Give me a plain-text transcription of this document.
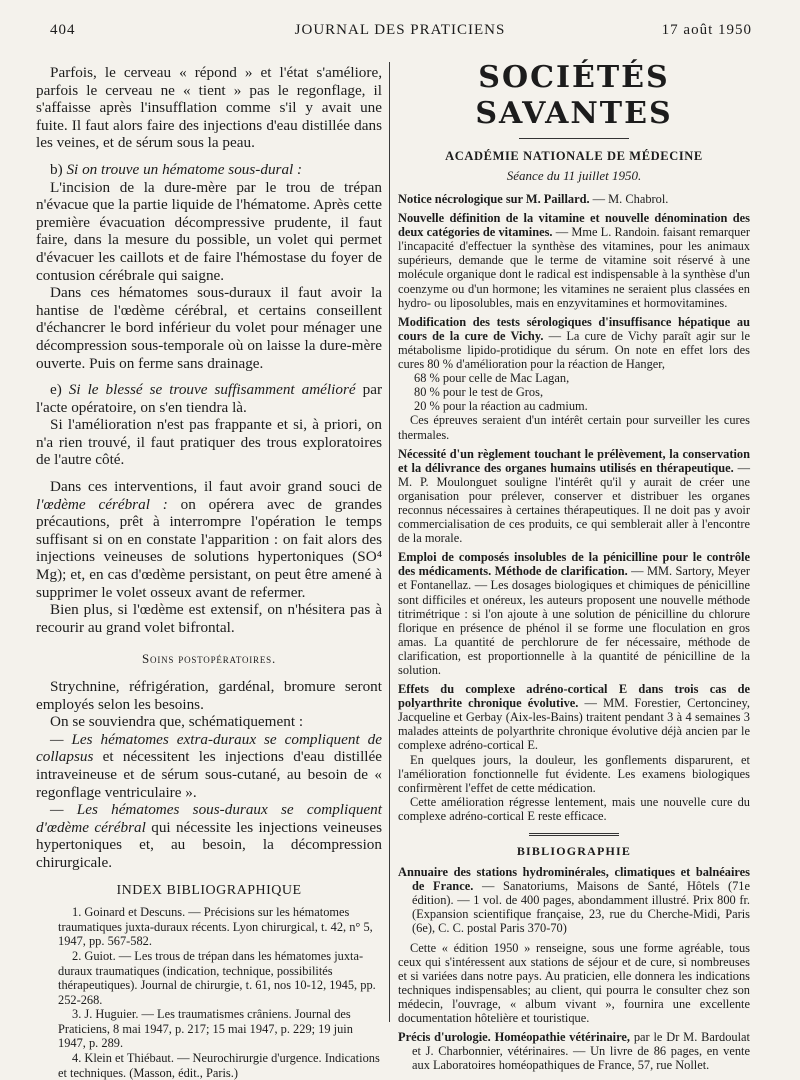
404	JOURNAL DES PRATICIENS	17 août 1950

Parfois, le cerveau « répond » et l'état s'améliore, parfois le cerveau ne « tient » pas le regonflage, il s'affaisse après l'insufflation comme s'il y avait une fuite. Il faut alors faire des injections d'eau distillée dans les veines, et de sérum sous la peau.

b) Si on trouve un hématome sous-dural :

L'incision de la dure-mère par le trou de trépan n'évacue que la partie liquide de l'hématome. Après cette première évacuation décompressive prudente, il faut faire, dans la mesure du possible, un volet qui permet d'évacuer les caillots et de faire l'hémostase du foyer de contusion cérébrale qui saigne.

Dans ces hématomes sous-duraux il faut avoir la hantise de l'œdème cérébral, et certains conseillent d'échancrer le bord inférieur du volet pour ménager une décompression sous-temporale où on laisse la dure-mère ouverte. Puis on ferme sans drainage.

e) Si le blessé se trouve suffisamment amélioré par l'acte opératoire, on s'en tiendra là.

Si l'amélioration n'est pas frappante et si, à priori, on n'a rien trouvé, il faut pratiquer des trous exploratoires de l'autre côté.

Dans ces interventions, il faut avoir grand souci de l'œdème cérébral : on opérera avec de grandes précautions, prêt à interrompre l'opération le temps suffisant si on en constate l'apparition : on fait alors des injections veineuses de solutions hypertoniques (SO⁴ Mg); et, en cas d'œdème persistant, on peut être amené à supprimer le volet osseux avant de refermer.

Bien plus, si l'œdème est extensif, on n'hésitera pas à recourir au grand volet bifrontal.

Soins postopératoires.

Strychnine, réfrigération, gardénal, bromure seront employés selon les besoins.

On se souviendra que, schématiquement :

— Les hématomes extra-duraux se compliquent de collapsus et nécessitent les injections d'eau distillée intraveineuse et de sérum sous-cutané, au besoin de « regonflage ventriculaire ».

— Les hématomes sous-duraux se compliquent d'œdème cérébral qui nécessite les injections veineuses hypertoniques et, au besoin, la décompression chirurgicale.

INDEX BIBLIOGRAPHIQUE

1. Goinard et Descuns. — Précisions sur les hématomes traumatiques juxta-duraux récents. Lyon chirurgical, t. 42, n° 5, 1947, pp. 567-582.

2. Guiot. — Les trous de trépan dans les hématomes juxta-duraux traumatiques (indication, technique, possibilités thérapeutiques). Journal de chirurgie, t. 61, nos 10-12, 1945, pp. 252-268.

3. J. Huguier. — Les traumatismes crâniens. Journal des Praticiens, 8 mai 1947, p. 217; 15 mai 1947, p. 229; 19 juin 1947, p. 289.

4. Klein et Thiébaut. — Neurochirurgie d'urgence. Indications et techniques. (Masson, édit., Paris.)

SOCIÉTÉS SAVANTES
ACADÉMIE NATIONALE DE MÉDECINE
Séance du 11 juillet 1950.

Notice nécrologique sur M. Paillard. — M. Chabrol.

Nouvelle définition de la vitamine et nouvelle dénomination des deux catégories de vitamines. — Mme L. Randoin. faisant remarquer l'incapacité d'effectuer la synthèse des vitamines, pour les animaux supérieurs, demande que le terme de vitamine soit réservé à une molécule organique dont le radical est indispensable à la synthèse d'un coenzyme ou d'un hormone; les vitamines ne seraient plus classées en hydro- ou liposolubles, mais en enzyvitamines et hormovitamines.

Modification des tests sérologiques d'insuffisance hépatique au cours de la cure de Vichy. — La cure de Vichy paraît agir sur le métabolisme lipido-protidique du sérum. On note en effet lors des cures 80 % d'amélioration pour la réaction de Hanger,

68 % pour celle de Mac Lagan,

80 % pour le test de Gros,

20 % pour la réaction au cadmium.

Ces épreuves seraient d'un intérêt certain pour surveiller les cures thermales.

Nécessité d'un règlement touchant le prélèvement, la conservation et la délivrance des organes humains utilisés en thérapeutique. — M. P. Moulonguet souligne l'intérêt qu'il y aurait de créer une organisation pour prélever, conserver et distribuer les organes reconnus nécessaires à certaines thérapeutiques. Il ne doit pas y avoir commercialisation de ces produits, ce qui semblerait aller à l'encontre de la morale.

Emploi de composés insolubles de la pénicilline pour le contrôle des médicaments. Méthode de clarification. — MM. Sartory, Meyer et Fontanellaz. — Les dosages biologiques et chimiques de pénicilline sont difficiles et onéreux, les auteurs proposent une nouvelle méthode titrimétrique : si l'on ajoute à une solution de pénicilline du chlorure florique en présence de phénol il se forme une floculation en gros amas. La quantité de perchlorure de fer nécessaire, méthode de clarification, est proportionnelle à la quantité de pénicilline de la solution.

Effets du complexe adréno-cortical E dans trois cas de polyarthrite chronique évolutive. — MM. Forestier, Certonciney, Jacqueline et Gerbay (Aix-les-Bains) traitent pendant 3 à 4 semaines 3 malades atteints de polyarthrite chronique évolutive déjà ancien par le complexe adréno-cortical E.

En quelques jours, la douleur, les gonflements disparurent, et l'amélioration fonctionnelle fut évidente. Les examens biologiques confirmèrent l'effet de cette médication.

Cette amélioration régresse lentement, mais une nouvelle cure du complexe adréno-cortical E reste efficace.

BIBLIOGRAPHIE

Annuaire des stations hydrominérales, climatiques et balnéaires de France. — Sanatoriums, Maisons de Santé, Hôtels (71e édition). — 1 vol. de 400 pages, abondamment illustré. Prix 800 fr. (Expansion scientifique française, 23, rue du Cherche-Midi, Paris (6e), C. C. postal Paris 370-70)

Cette « édition 1950 » renseigne, sous une forme agréable, tous ceux qui s'intéressent aux stations de séjour et de cure, si nombreuses et si variées dans notre pays. Au praticien, elle donnera les indications techniques indispensables; au client, qui pourra le consulter chez son médecin, l'ouvrage, « album vivant », fournira une excellente documentation hôtelière et touristique.

Précis d'urologie. Homéopathie vétérinaire, par le Dr M. Bardoulat et J. Charbonnier, vétérinaires. — Un livre de 86 pages, en vente aux Laboratoires homéopathiques de France, 57, rue Nollet.
